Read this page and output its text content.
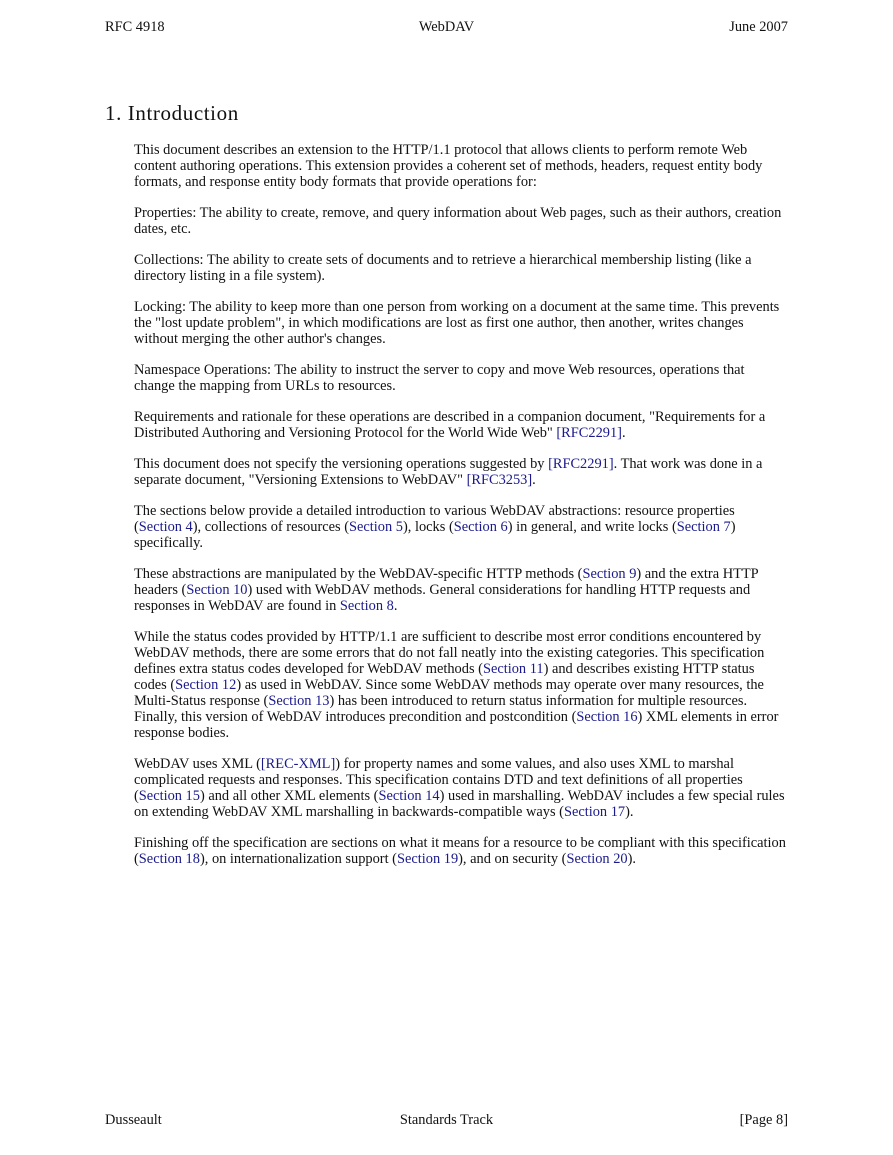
WebDAV
RFC 4918	June 2007
1. Introduction

This document describes an extension to the HTTP/1.1 protocol that allows clients to perform remote Web content authoring operations. This extension provides a coherent set of methods, headers, request entity body formats, and response entity body formats that provide operations for:

Properties: The ability to create, remove, and query information about Web pages, such as their authors, creation dates, etc.

Collections: The ability to create sets of documents and to retrieve a hierarchical membership listing (like a directory listing in a file system).

Locking: The ability to keep more than one person from working on a document at the same time. This prevents the "lost update problem", in which modifications are lost as first one author, then another, writes changes without merging the other author's changes.

Namespace Operations: The ability to instruct the server to copy and move Web resources, operations that change the mapping from URLs to resources.

Requirements and rationale for these operations are described in a companion document, "Requirements for a Distributed Authoring and Versioning Protocol for the World Wide Web" [RFC2291].

This document does not specify the versioning operations suggested by [RFC2291]. That work was done in a separate document, "Versioning Extensions to WebDAV" [RFC3253].

The sections below provide a detailed introduction to various WebDAV abstractions: resource properties (Section 4), collections of resources (Section 5), locks (Section 6) in general, and write locks (Section 7) specifically.

These abstractions are manipulated by the WebDAV-specific HTTP methods (Section 9) and the extra HTTP headers (Section 10) used with WebDAV methods. General considerations for handling HTTP requests and responses in WebDAV are found in Section 8.

While the status codes provided by HTTP/1.1 are sufficient to describe most error conditions encountered by WebDAV methods, there are some errors that do not fall neatly into the existing categories. This specification defines extra status codes developed for WebDAV methods (Section 11) and describes existing HTTP status codes (Section 12) as used in WebDAV. Since some WebDAV methods may operate over many resources, the Multi-Status response (Section 13) has been introduced to return status information for multiple resources. Finally, this version of WebDAV introduces precondition and postcondition (Section 16) XML elements in error response bodies.

WebDAV uses XML ([REC-XML]) for property names and some values, and also uses XML to marshal complicated requests and responses. This specification contains DTD and text definitions of all properties (Section 15) and all other XML elements (Section 14) used in marshalling. WebDAV includes a few special rules on extending WebDAV XML marshalling in backwards-compatible ways (Section 17).

Finishing off the specification are sections on what it means for a resource to be compliant with this specification (Section 18), on internationalization support (Section 19), and on security (Section 20).

Standards Track
Dusseault	[Page 8]
